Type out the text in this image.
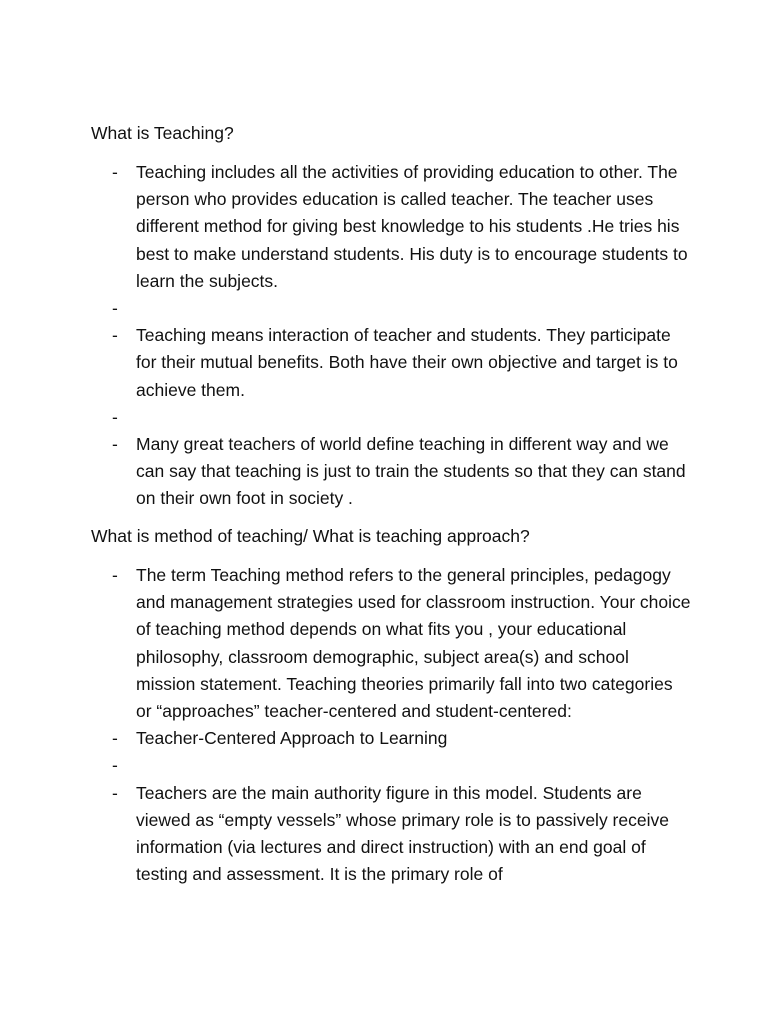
What is Teaching?

- Teaching includes all the activities of providing education to other. The person who provides education is called teacher. The teacher uses different method for giving best knowledge to his students .He tries his best to make understand students. His duty is to encourage students to learn the subjects.
-

- Teaching means interaction of teacher and students. They participate for their mutual benefits. Both have their own objective and target is to achieve them.
-

- Many great teachers of world define teaching in different way and we can say that teaching is just to train the students so that they can stand on their own foot in society .

What is method of teaching/ What is teaching approach?

- The term Teaching method refers to the general principles, pedagogy and management strategies used for classroom instruction. Your choice of teaching method depends on what fits you , your educational philosophy, classroom demographic, subject area(s) and school mission statement. Teaching theories primarily fall into two categories or “approaches” teacher-centered and student-centered:
- Teacher-Centered Approach to Learning
-

- Teachers are the main authority figure in this model. Students are viewed as “empty vessels” whose primary role is to passively receive information (via lectures and direct instruction) with an end goal of testing and assessment. It is the primary role of
